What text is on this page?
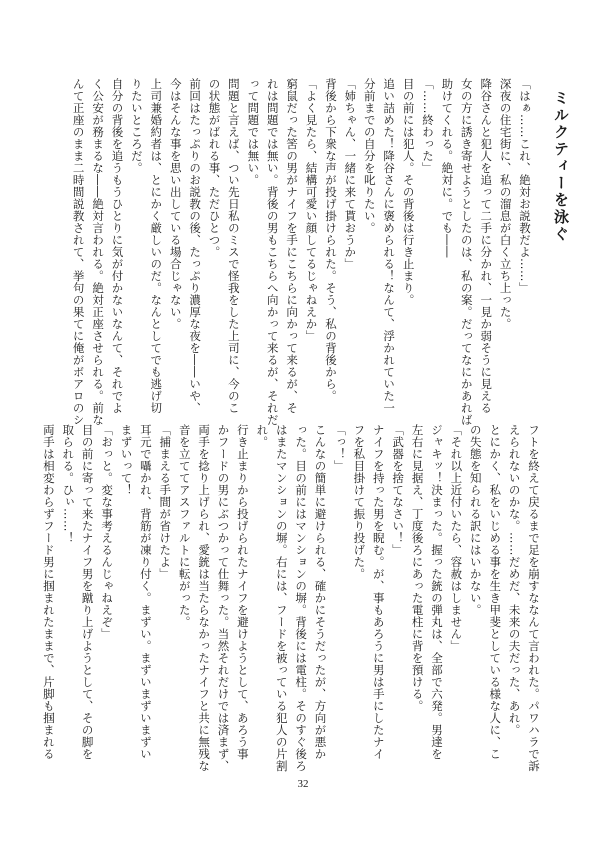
ミルクティーを泳ぐ
「はぁ……これ、絶対お説教だよ……」
深夜の住宅街に、私の溜息が白く立ち上った。
降谷さんと犯人を追って二手に分かれ、一見か弱そうに見える
女の方に誘き寄せようとしたのは、私の案。だってなにかあれば
助けてくれる。絶対に。でも――
「……終わった」
目の前には犯人。その背後は行き止まり。
追い詰めた！降谷さんに褒められる！なんて、浮かれていた一
分前までの自分を叱りたい。
「姉ちゃん、一緒に来て貰おうか」
背後から下衆な声が投げ掛けられた。そう、私の背後から。
「よく見たら、結構可愛い顔してるじゃねえか」
窮鼠だった筈の男がナイフを手にこちらに向かって来るが、そ
れは問題では無い。背後の男もこちらへ向かって来るが、それだ
って問題では無い。
問題と言えば、つい先日私のミスで怪我をした上司に、今のこ
の状態がばれる事、ただひとつ。
前回はたっぷりのお説教の後、たっぷり濃厚な夜を――いや、
今はそんな事を思い出している場合じゃない。
上司兼婚約者は、とにかく厳しいのだ。なんとしてでも逃げ切
りたいところだ。
自分の背後を追うもうひとりに気が付かないなんて、それでよ
く公安が務まるな――絶対言われる。絶対正座させられる。前な
んて正座のまま二時間説教されて、挙句の果てに俺がボアロのシ
フトを終えて戻るまで足を崩すななんて言われた。パワハラで訴
えられないのかな。……だめだ、未来の夫だった、あれ。
とにかく、私をいじめる事を生き甲斐としている様な人に、こ
の失態を知られる訳にはいかない。
「それ以上近付いたら、容赦はしません」
ジャキッ！決まった。握った銃の弾丸は、全部で六発。男達を
左右に見据え、丁度後ろにあった電柱に背を預ける。
「武器を捨てなさい！」
ナイフを持った男を睨む。が、事もあろうに男は手にしたナイ
フを私目掛けて振り投げた。
「っ！」
こんなの簡単に避けられる、確かにそうだったが、方向が悪か
った。目の前にはマンションの塀。背後には電柱。そのすぐ後ろ
はまたマンションの塀。右には、フードを被っている犯人の片割
れ。
行き止まりから投げられたナイフを避けようとして、あろう事
かフードの男にぶつかって仕舞った。当然それだけでは済まず、
両手を捻り上げられ、愛銃は当たらなかったナイフと共に無残な
音を立ててアスファルトに転がった。
「捕まえる手間が省けたよ」
耳元で囁かれ、背筋が凍り付く。まずい。まずいまずいまずい
まずいって！
「おっと。変な事考えるんじゃねえぞ」
目の前に寄って来たナイフ男を蹴り上げようとして、その脚を
取られる。ひぃ……！
両手は相変わらずフード男に掴まれたままで、片脚も掴まれる
32
